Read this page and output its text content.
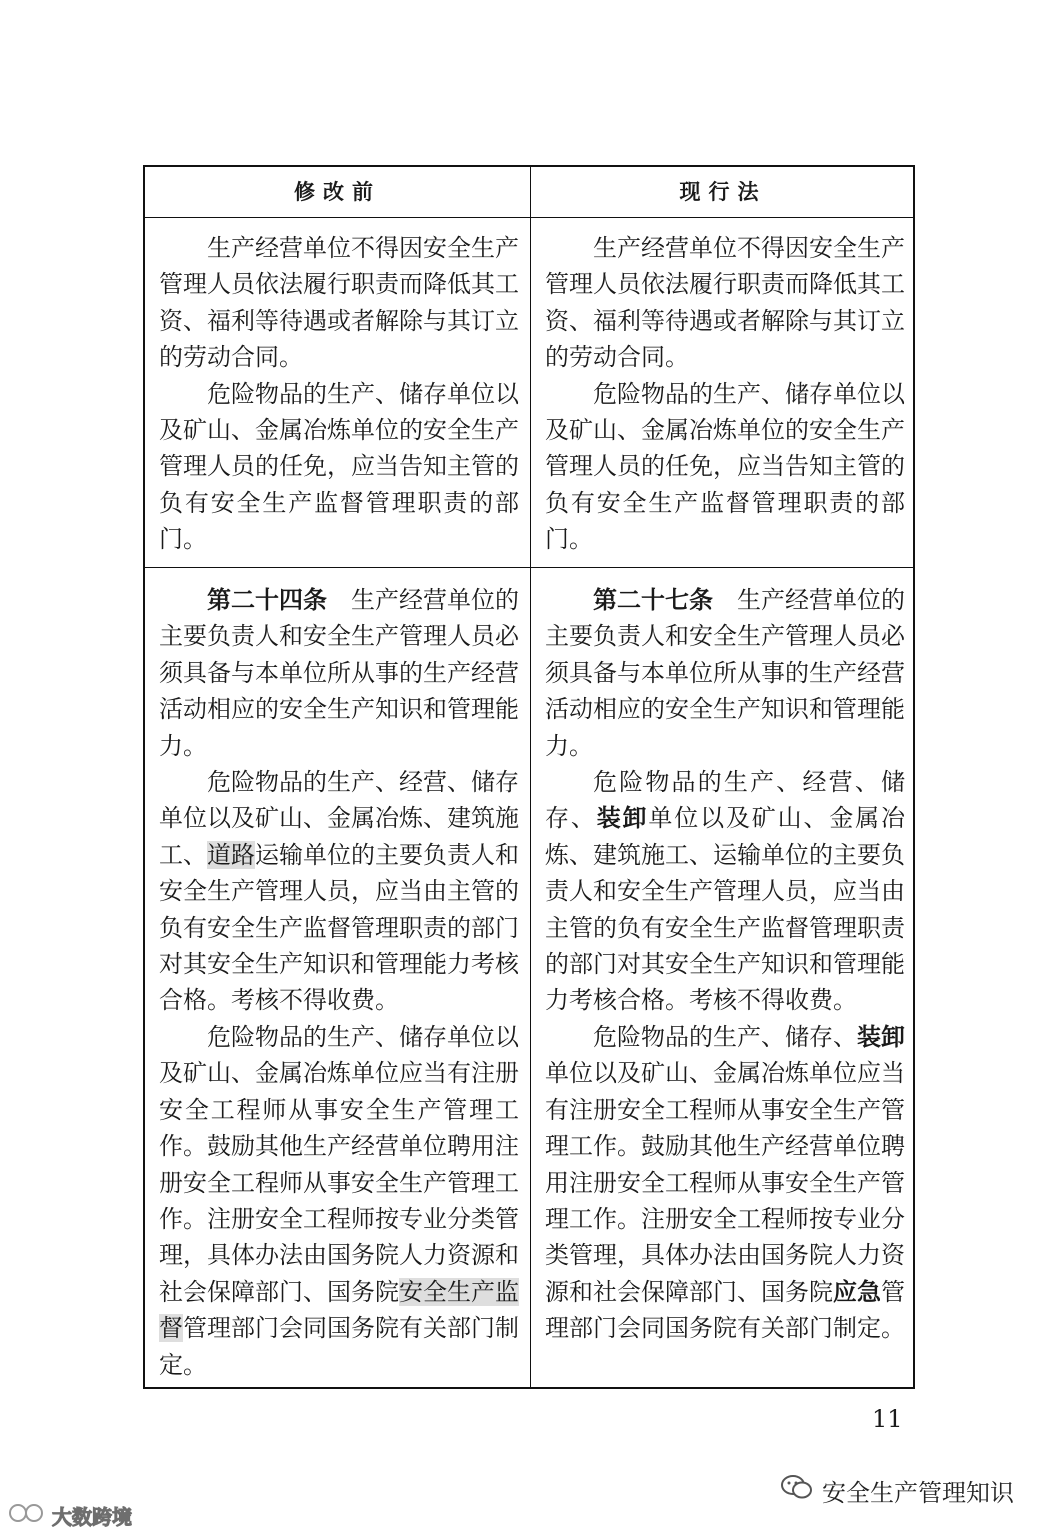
修改前	现行法

生产经营单位不得因安全生产管理人员依法履行职责而降低其工资、福利等待遇或者解除与其订立的劳动合同。

危险物品的生产、储存单位以及矿山、金属冶炼单位的安全生产管理人员的任免，应当告知主管的负有安全生产监督管理职责的部门。

生产经营单位不得因安全生产管理人员依法履行职责而降低其工资、福利等待遇或者解除与其订立的劳动合同。

危险物品的生产、储存单位以及矿山、金属冶炼单位的安全生产管理人员的任免，应当告知主管的负有安全生产监督管理职责的部门。

第二十四条　 生产经营单位的主要负责人和安全生产管理人员必须具备与本单位所从事的生产经营活动相应的安全生产知识和管理能力。

危险物品的生产、经营、储存单位以及矿山、金属冶炼、建筑施工、道路运输单位的主要负责人和安全生产管理人员，应当由主管的负有安全生产监督管理职责的部门对其安全生产知识和管理能力考核合格。考核不得收费。

危险物品的生产、储存单位以及矿山、金属冶炼单位应当有注册安全工程师从事安全生产管理工作。鼓励其他生产经营单位聘用注册安全工程师从事安全生产管理工作。注册安全工程师按专业分类管理，具体办法由国务院人力资源和社会保障部门、国务院安全生产监督管理部门会同国务院有关部门制定。

第二十七条　 生产经营单位的主要负责人和安全生产管理人员必须具备与本单位所从事的生产经营活动相应的安全生产知识和管理能力。

危险物品的生产、经营、储存、装卸单位以及矿山、金属冶炼、建筑施工、运输单位的主要负责人和安全生产管理人员，应当由主管的负有安全生产监督管理职责的部门对其安全生产知识和管理能力考核合格。考核不得收费。

危险物品的生产、储存、装卸单位以及矿山、金属冶炼单位应当有注册安全工程师从事安全生产管理工作。鼓励其他生产经营单位聘用注册安全工程师从事安全生产管理工作。注册安全工程师按专业分类管理，具体办法由国务院人力资源和社会保障部门、国务院应急管理部门会同国务院有关部门制定。

11
安全生产管理知识
大数跨境
